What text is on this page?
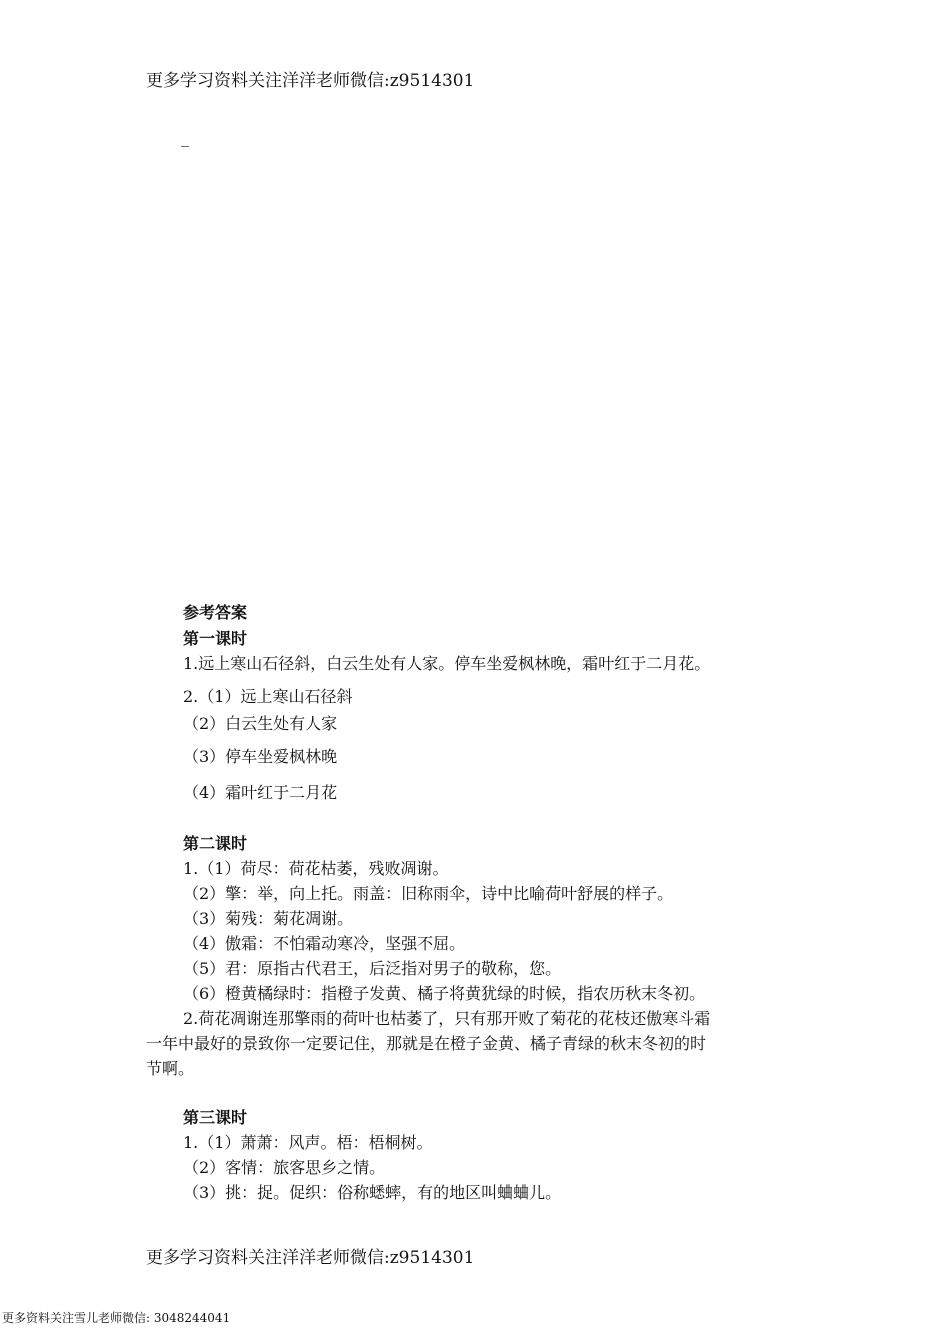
更多学习资料关注洋洋老师微信:z9514301
_
参考答案
第一课时
1.远上寒山石径斜，白云生处有人家。停车坐爱枫林晚，霜叶红于二月花。
2.（1）远上寒山石径斜
（2）白云生处有人家
（3）停车坐爱枫林晚
（4）霜叶红于二月花
第二课时
1.（1）荷尽：荷花枯萎，残败凋谢。
（2）擎：举，向上托。雨盖：旧称雨伞，诗中比喻荷叶舒展的样子。
（3）菊残：菊花凋谢。
（4）傲霜：不怕霜动寒冷，坚强不屈。
（5）君：原指古代君王，后泛指对男子的敬称，您。
（6）橙黄橘绿时：指橙子发黄、橘子将黄犹绿的时候，指农历秋末冬初。
2.荷花凋谢连那擎雨的荷叶也枯萎了，只有那开败了菊花的花枝还傲寒斗霜
一年中最好的景致你一定要记住，那就是在橙子金黄、橘子青绿的秋末冬初的时
节啊。
第三课时
1.（1）萧萧：风声。梧：梧桐树。
（2）客情：旅客思乡之情。
（3）挑：捉。促织：俗称蟋蟀，有的地区叫蛐蛐儿。
更多学习资料关注洋洋老师微信:z9514301
更多资料关注雪儿老师微信: 3048244041
